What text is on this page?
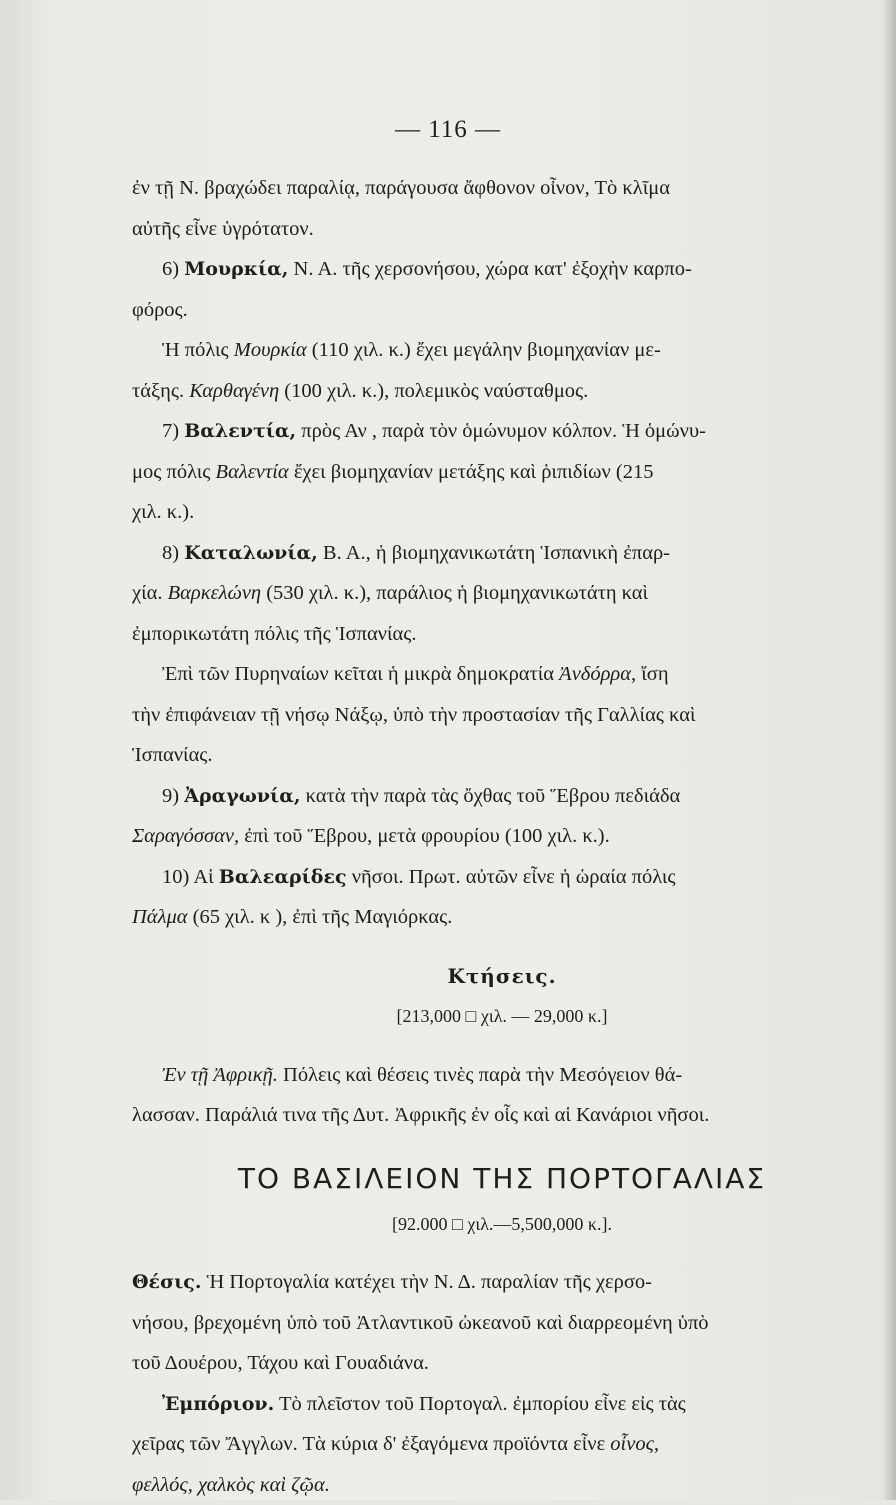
— 116 —
ἐν τῇ Ν. βραχώδει παραλίᾳ, παράγουσα ἄφθονον οἶνον, Τὸ κλῖμα
αὐτῆς εἶνε ὑγρότατον.
6) Μουρκία, Ν. Α. τῆς χερσονήσου, χώρα κατ' ἐξοχὴν καρπο-
φόρος.
Ἡ πόλις Μουρκία (110 χιλ. κ.) ἔχει μεγάλην βιομηχανίαν με-
τάξης. Καρθαγένη (100 χιλ. κ.), πολεμικὸς ναύσταθμος.
7) Βαλεντία, πρὸς Αν , παρὰ τὸν ὁμώνυμον κόλπον. Ἡ ὁμώνυ-
μος πόλις Βαλεντία ἔχει βιομηχανίαν μετάξης καὶ ῥιπιδίων (215
χιλ. κ.).
8) Καταλωνία, Β. Α., ἡ βιομηχανικωτάτη Ἱσπανικὴ ἐπαρ-
χία. Βαρκελώνη (530 χιλ. κ.), παράλιος ἡ βιομηχανικωτάτη καὶ
ἐμπορικωτάτη πόλις τῆς Ἱσπανίας.
Ἐπὶ τῶν Πυρηναίων κεῖται ἡ μικρὰ δημοκρατία Ἀνδόρρα, ἴση
τὴν ἐπιφάνειαν τῇ νήσῳ Νάξῳ, ὑπὸ τὴν προστασίαν τῆς Γαλλίας καὶ
Ἱσπανίας.
9) Ἀραγωνία, κατὰ τὴν παρὰ τὰς ὄχθας τοῦ Ἕβρου πεδιάδα
Σαραγόσσαν, ἐπὶ τοῦ Ἕβρου, μετὰ φρουρίου (100 χιλ. κ.).
10) Αἱ Βαλεαρίδες νῆσοι. Πρωτ. αὐτῶν εἶνε ἡ ὡραία πόλις
Πάλμα (65 χιλ. κ ), ἐπὶ τῆς Μαγιόρκας.
Κτήσεις.
[213,000 □ χιλ. — 29,000 κ.]
Ἐν τῇ Ἀφρικῇ. Πόλεις καὶ θέσεις τινὲς παρὰ τὴν Μεσόγειον θά-
λασσαν. Παράλιά τινα τῆς Δυτ. Ἀφρικῆς ἐν οἷς καὶ αἱ Κανάριοι νῆσοι.
ΤΟ ΒΑΣΙΛΕΙΟΝ ΤΗΣ ΠΟΡΤΟΓΑΛΙΑΣ
[92.000 □ χιλ.—5,500,000 κ.].
Θέσις. Ἡ Πορτογαλία κατέχει τὴν Ν. Δ. παραλίαν τῆς χερσο-
νήσου, βρεχομένη ὑπὸ τοῦ Ἀτλαντικοῦ ὠκεανοῦ καὶ διαρρεομένη ὑπὸ
τοῦ Δουέρου, Τάχου καὶ Γουαδιάνα.
Ἐμπόριον. Τὸ πλεῖστον τοῦ Πορτογαλ. ἐμπορίου εἶνε εἰς τὰς
χεῖρας τῶν Ἄγγλων. Τὰ κύρια δ' ἐξαγόμενα προϊόντα εἶνε οἶνος,
φελλός, χαλκὸς καὶ ζῷα.
